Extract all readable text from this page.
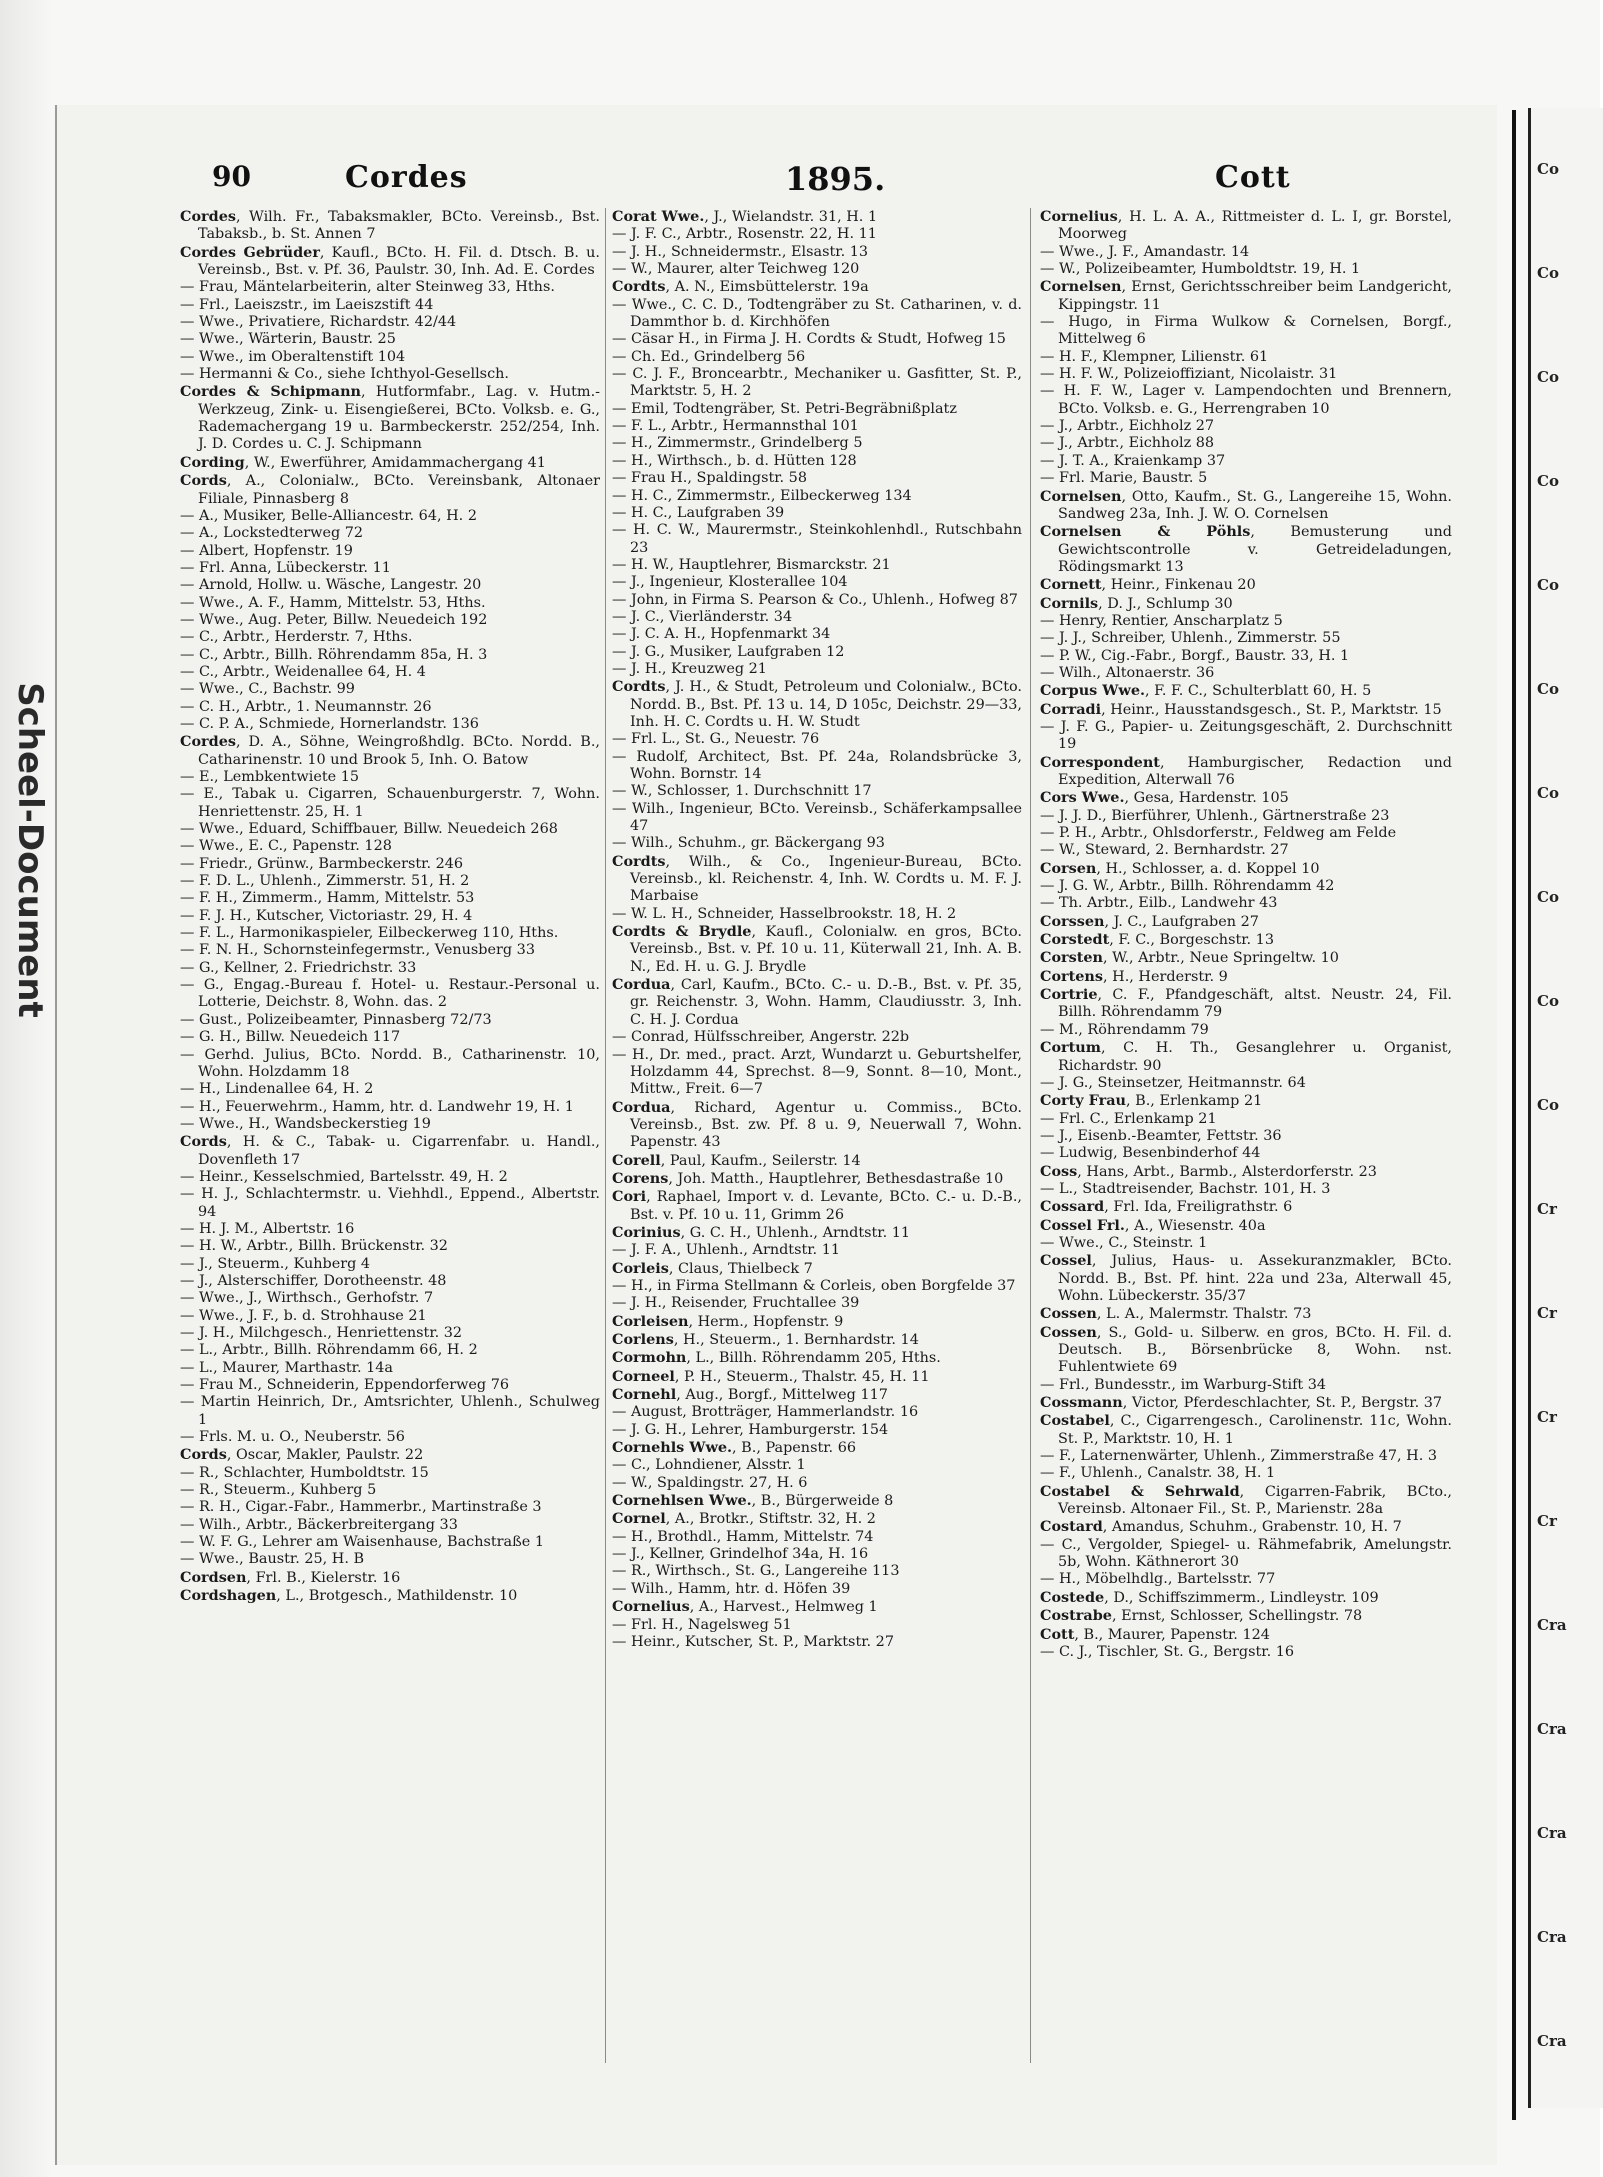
Scheel-Document
Co
Co
Co
Co
Co
Co
Co
Co
Co
Co
Cr
Cr
Cr
Cr
Cra
Cra
Cra
Cra
Cra
90	Cordes	1895.	Cott

Cordes, Wilh. Fr., Tabaksmakler, BCto. Vereinsb., Bst. Tabaksb., b. St. Annen 7

Cordes Gebrüder, Kaufl., BCto. H. Fil. d. Dtsch. B. u. Vereinsb., Bst. v. Pf. 36, Paulstr. 30, Inh. Ad. E. Cordes

— Frau, Mäntelarbeiterin, alter Steinweg 33, Hths.

— Frl., Laeiszstr., im Laeiszstift 44

— Wwe., Privatiere, Richardstr. 42/44

— Wwe., Wärterin, Baustr. 25

— Wwe., im Oberaltenstift 104

— Hermanni & Co., siehe Ichthyol-Gesellsch.

Cordes & Schipmann, Hutformfabr., Lag. v. Hutm.-Werkzeug, Zink- u. Eisengießerei, BCto. Volksb. e. G., Rademachergang 19 u. Barmbeckerstr. 252/254, Inh. J. D. Cordes u. C. J. Schipmann

Cording, W., Ewerführer, Amidammachergang 41

Cords, A., Colonialw., BCto. Vereinsbank, Altonaer Filiale, Pinnasberg 8

— A., Musiker, Belle-Alliancestr. 64, H. 2

— A., Lockstedterweg 72

— Albert, Hopfenstr. 19

— Frl. Anna, Lübeckerstr. 11

— Arnold, Hollw. u. Wäsche, Langestr. 20

— Wwe., A. F., Hamm, Mittelstr. 53, Hths.

— Wwe., Aug. Peter, Billw. Neuedeich 192

— C., Arbtr., Herderstr. 7, Hths.

— C., Arbtr., Billh. Röhrendamm 85a, H. 3

— C., Arbtr., Weidenallee 64, H. 4

— Wwe., C., Bachstr. 99

— C. H., Arbtr., 1. Neumannstr. 26

— C. P. A., Schmiede, Hornerlandstr. 136

Cordes, D. A., Söhne, Weingroßhdlg. BCto. Nordd. B., Catharinenstr. 10 und Brook 5, Inh. O. Batow

— E., Lembkentwiete 15

— E., Tabak u. Cigarren, Schauenburgerstr. 7, Wohn. Henriettenstr. 25, H. 1

— Wwe., Eduard, Schiffbauer, Billw. Neuedeich 268

— Wwe., E. C., Papenstr. 128

— Friedr., Grünw., Barmbeckerstr. 246

— F. D. L., Uhlenh., Zimmerstr. 51, H. 2

— F. H., Zimmerm., Hamm, Mittelstr. 53

— F. J. H., Kutscher, Victoriastr. 29, H. 4

— F. L., Harmonikaspieler, Eilbeckerweg 110, Hths.

— F. N. H., Schornsteinfegermstr., Venusberg 33

— G., Kellner, 2. Friedrichstr. 33

— G., Engag.-Bureau f. Hotel- u. Restaur.-Personal u. Lotterie, Deichstr. 8, Wohn. das. 2

— Gust., Polizeibeamter, Pinnasberg 72/73

— G. H., Billw. Neuedeich 117

— Gerhd. Julius, BCto. Nordd. B., Catharinenstr. 10, Wohn. Holzdamm 18

— H., Lindenallee 64, H. 2

— H., Feuerwehrm., Hamm, htr. d. Landwehr 19, H. 1

— Wwe., H., Wandsbeckerstieg 19

Cords, H. & C., Tabak- u. Cigarrenfabr. u. Handl., Dovenfleth 17

— Heinr., Kesselschmied, Bartelsstr. 49, H. 2

— H. J., Schlachtermstr. u. Viehhdl., Eppend., Albertstr. 94

— H. J. M., Albertstr. 16

— H. W., Arbtr., Billh. Brückenstr. 32

— J., Steuerm., Kuhberg 4

— J., Alsterschiffer, Dorotheenstr. 48

— Wwe., J., Wirthsch., Gerhofstr. 7

— Wwe., J. F., b. d. Strohhause 21

— J. H., Milchgesch., Henriettenstr. 32

— L., Arbtr., Billh. Röhrendamm 66, H. 2

— L., Maurer, Marthastr. 14a

— Frau M., Schneiderin, Eppendorferweg 76

— Martin Heinrich, Dr., Amtsrichter, Uhlenh., Schulweg 1

— Frls. M. u. O., Neuberstr. 56

Cords, Oscar, Makler, Paulstr. 22

— R., Schlachter, Humboldtstr. 15

— R., Steuerm., Kuhberg 5

— R. H., Cigar.-Fabr., Hammerbr., Martinstraße 3

— Wilh., Arbtr., Bäckerbreitergang 33

— W. F. G., Lehrer am Waisenhause, Bachstraße 1

— Wwe., Baustr. 25, H. B

Cordsen, Frl. B., Kielerstr. 16

Cordshagen, L., Brotgesch., Mathildenstr. 10

Corat Wwe., J., Wielandstr. 31, H. 1

— J. F. C., Arbtr., Rosenstr. 22, H. 11

— J. H., Schneidermstr., Elsastr. 13

— W., Maurer, alter Teichweg 120

Cordts, A. N., Eimsbüttelerstr. 19a

— Wwe., C. C. D., Todtengräber zu St. Catharinen, v. d. Dammthor b. d. Kirchhöfen

— Cäsar H., in Firma J. H. Cordts & Studt, Hofweg 15

— Ch. Ed., Grindelberg 56

— C. J. F., Broncearbtr., Mechaniker u. Gasfitter, St. P., Marktstr. 5, H. 2

— Emil, Todtengräber, St. Petri-Begräbnißplatz

— F. L., Arbtr., Hermannsthal 101

— H., Zimmermstr., Grindelberg 5

— H., Wirthsch., b. d. Hütten 128

— Frau H., Spaldingstr. 58

— H. C., Zimmermstr., Eilbeckerweg 134

— H. C., Laufgraben 39

— H. C. W., Maurermstr., Steinkohlenhdl., Rutschbahn 23

— H. W., Hauptlehrer, Bismarckstr. 21

— J., Ingenieur, Klosterallee 104

— John, in Firma S. Pearson & Co., Uhlenh., Hofweg 87

— J. C., Vierländerstr. 34

— J. C. A. H., Hopfenmarkt 34

— J. G., Musiker, Laufgraben 12

— J. H., Kreuzweg 21

Cordts, J. H., & Studt, Petroleum und Colonialw., BCto. Nordd. B., Bst. Pf. 13 u. 14, D 105c, Deichstr. 29—33, Inh. H. C. Cordts u. H. W. Studt

— Frl. L., St. G., Neuestr. 76

— Rudolf, Architect, Bst. Pf. 24a, Rolandsbrücke 3, Wohn. Bornstr. 14

— W., Schlosser, 1. Durchschnitt 17

— Wilh., Ingenieur, BCto. Vereinsb., Schäferkampsallee 47

— Wilh., Schuhm., gr. Bäckergang 93

Cordts, Wilh., & Co., Ingenieur-Bureau, BCto. Vereinsb., kl. Reichenstr. 4, Inh. W. Cordts u. M. F. J. Marbaise

— W. L. H., Schneider, Hasselbrookstr. 18, H. 2

Cordts & Brydle, Kaufl., Colonialw. en gros, BCto. Vereinsb., Bst. v. Pf. 10 u. 11, Küterwall 21, Inh. A. B. N., Ed. H. u. G. J. Brydle

Cordua, Carl, Kaufm., BCto. C.- u. D.-B., Bst. v. Pf. 35, gr. Reichenstr. 3, Wohn. Hamm, Claudiusstr. 3, Inh. C. H. J. Cordua

— Conrad, Hülfsschreiber, Angerstr. 22b

— H., Dr. med., pract. Arzt, Wundarzt u. Geburtshelfer, Holzdamm 44, Sprechst. 8—9, Sonnt. 8—10, Mont., Mittw., Freit. 6—7

Cordua, Richard, Agentur u. Commiss., BCto. Vereinsb., Bst. zw. Pf. 8 u. 9, Neuerwall 7, Wohn. Papenstr. 43

Corell, Paul, Kaufm., Seilerstr. 14

Corens, Joh. Matth., Hauptlehrer, Bethesdastraße 10

Cori, Raphael, Import v. d. Levante, BCto. C.- u. D.-B., Bst. v. Pf. 10 u. 11, Grimm 26

Corinius, G. C. H., Uhlenh., Arndtstr. 11

— J. F. A., Uhlenh., Arndtstr. 11

Corleis, Claus, Thielbeck 7

— H., in Firma Stellmann & Corleis, oben Borgfelde 37

— J. H., Reisender, Fruchtallee 39

Corleisen, Herm., Hopfenstr. 9

Corlens, H., Steuerm., 1. Bernhardstr. 14

Cormohn, L., Billh. Röhrendamm 205, Hths.

Corneel, P. H., Steuerm., Thalstr. 45, H. 11

Cornehl, Aug., Borgf., Mittelweg 117

— August, Brotträger, Hammerlandstr. 16

— J. G. H., Lehrer, Hamburgerstr. 154

Cornehls Wwe., B., Papenstr. 66

— C., Lohndiener, Alsstr. 1

— W., Spaldingstr. 27, H. 6

Cornehlsen Wwe., B., Bürgerweide 8

Cornel, A., Brotkr., Stiftstr. 32, H. 2

— H., Brothdl., Hamm, Mittelstr. 74

— J., Kellner, Grindelhof 34a, H. 16

— R., Wirthsch., St. G., Langereihe 113

— Wilh., Hamm, htr. d. Höfen 39

Cornelius, A., Harvest., Helmweg 1

— Frl. H., Nagelsweg 51

— Heinr., Kutscher, St. P., Marktstr. 27

Cornelius, H. L. A. A., Rittmeister d. L. I, gr. Borstel, Moorweg

— Wwe., J. F., Amandastr. 14

— W., Polizeibeamter, Humboldtstr. 19, H. 1

Cornelsen, Ernst, Gerichtsschreiber beim Landgericht, Kippingstr. 11

— Hugo, in Firma Wulkow & Cornelsen, Borgf., Mittelweg 6

— H. F., Klempner, Lilienstr. 61

— H. F. W., Polizeioffiziant, Nicolaistr. 31

— H. F. W., Lager v. Lampendochten und Brennern, BCto. Volksb. e. G., Herrengraben 10

— J., Arbtr., Eichholz 27

— J., Arbtr., Eichholz 88

— J. T. A., Kraienkamp 37

— Frl. Marie, Baustr. 5

Cornelsen, Otto, Kaufm., St. G., Langereihe 15, Wohn. Sandweg 23a, Inh. J. W. O. Cornelsen

Cornelsen & Pöhls, Bemusterung und Gewichtscontrolle v. Getreideladungen, Rödingsmarkt 13

Cornett, Heinr., Finkenau 20

Cornils, D. J., Schlump 30

— Henry, Rentier, Anscharplatz 5

— J. J., Schreiber, Uhlenh., Zimmerstr. 55

— P. W., Cig.-Fabr., Borgf., Baustr. 33, H. 1

— Wilh., Altonaerstr. 36

Corpus Wwe., F. F. C., Schulterblatt 60, H. 5

Corradi, Heinr., Hausstandsgesch., St. P., Marktstr. 15

— J. F. G., Papier- u. Zeitungsgeschäft, 2. Durchschnitt 19

Correspondent, Hamburgischer, Redaction und Expedition, Alterwall 76

Cors Wwe., Gesa, Hardenstr. 105

— J. J. D., Bierführer, Uhlenh., Gärtnerstraße 23

— P. H., Arbtr., Ohlsdorferstr., Feldweg am Felde

— W., Steward, 2. Bernhardstr. 27

Corsen, H., Schlosser, a. d. Koppel 10

— J. G. W., Arbtr., Billh. Röhrendamm 42

— Th. Arbtr., Eilb., Landwehr 43

Corssen, J. C., Laufgraben 27

Corstedt, F. C., Borgeschstr. 13

Corsten, W., Arbtr., Neue Springeltw. 10

Cortens, H., Herderstr. 9

Cortrie, C. F., Pfandgeschäft, altst. Neustr. 24, Fil. Billh. Röhrendamm 79

— M., Röhrendamm 79

Cortum, C. H. Th., Gesanglehrer u. Organist, Richardstr. 90

— J. G., Steinsetzer, Heitmannstr. 64

Corty Frau, B., Erlenkamp 21

— Frl. C., Erlenkamp 21

— J., Eisenb.-Beamter, Fettstr. 36

— Ludwig, Besenbinderhof 44

Coss, Hans, Arbt., Barmb., Alsterdorferstr. 23

— L., Stadtreisender, Bachstr. 101, H. 3

Cossard, Frl. Ida, Freiligrathstr. 6

Cossel Frl., A., Wiesenstr. 40a

— Wwe., C., Steinstr. 1

Cossel, Julius, Haus- u. Assekuranzmakler, BCto. Nordd. B., Bst. Pf. hint. 22a und 23a, Alterwall 45, Wohn. Lübeckerstr. 35/37

Cossen, L. A., Malermstr. Thalstr. 73

Cossen, S., Gold- u. Silberw. en gros, BCto. H. Fil. d. Deutsch. B., Börsenbrücke 8, Wohn. nst. Fuhlentwiete 69

— Frl., Bundesstr., im Warburg-Stift 34

Cossmann, Victor, Pferdeschlachter, St. P., Bergstr. 37

Costabel, C., Cigarrengesch., Carolinenstr. 11c, Wohn. St. P., Marktstr. 10, H. 1

— F., Laternenwärter, Uhlenh., Zimmerstraße 47, H. 3

— F., Uhlenh., Canalstr. 38, H. 1

Costabel & Sehrwald, Cigarren-Fabrik, BCto., Vereinsb. Altonaer Fil., St. P., Marienstr. 28a

Costard, Amandus, Schuhm., Grabenstr. 10, H. 7

— C., Vergolder, Spiegel- u. Rähmefabrik, Amelungstr. 5b, Wohn. Käthnerort 30

— H., Möbelhdlg., Bartelsstr. 77

Costede, D., Schiffszimmerm., Lindleystr. 109

Costrabe, Ernst, Schlosser, Schellingstr. 78

Cott, B., Maurer, Papenstr. 124

— C. J., Tischler, St. G., Bergstr. 16
